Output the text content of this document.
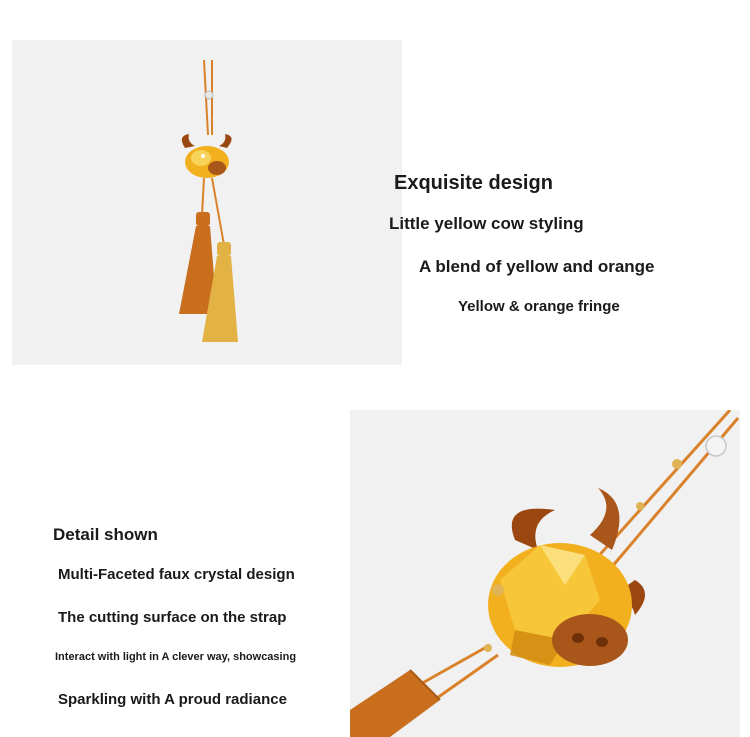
Exquisite design
Little yellow cow styling
A blend of yellow and orange
Yellow & orange fringe
Detail shown
Multi-Faceted faux crystal design
The cutting surface on the strap
Interact with light in A clever way, showcasing
Sparkling with A proud radiance
